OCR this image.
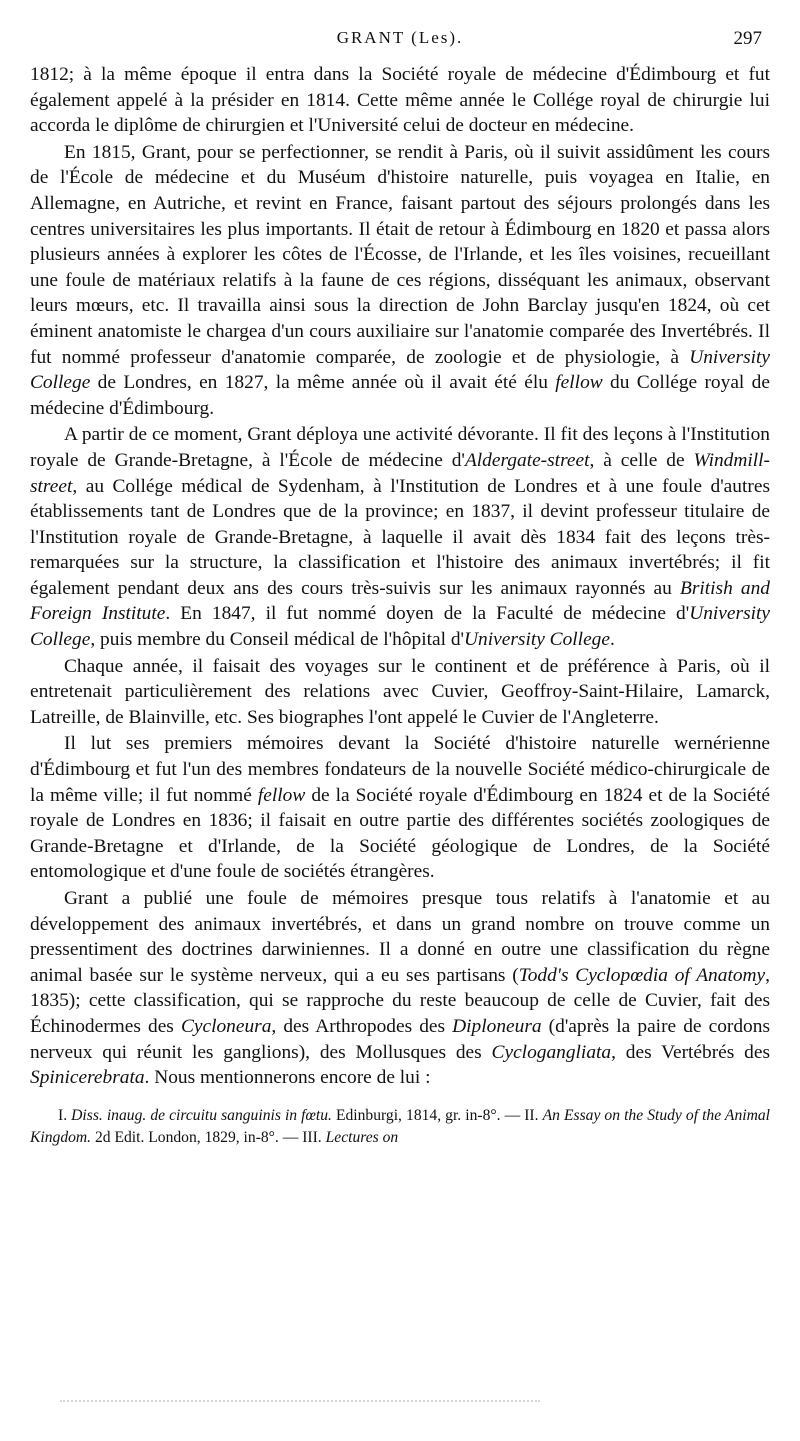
GRANT (Les).	297

1812; à la même époque il entra dans la Société royale de médecine d'Édimbourg et fut également appelé à la présider en 1814. Cette même année le Collége royal de chirurgie lui accorda le diplôme de chirurgien et l'Université celui de docteur en médecine.

En 1815, Grant, pour se perfectionner, se rendit à Paris, où il suivit assidûment les cours de l'École de médecine et du Muséum d'histoire naturelle, puis voyagea en Italie, en Allemagne, en Autriche, et revint en France, faisant partout des séjours prolongés dans les centres universitaires les plus importants. Il était de retour à Édimbourg en 1820 et passa alors plusieurs années à explorer les côtes de l'Écosse, de l'Irlande, et les îles voisines, recueillant une foule de matériaux relatifs à la faune de ces régions, disséquant les animaux, observant leurs mœurs, etc. Il travailla ainsi sous la direction de John Barclay jusqu'en 1824, où cet éminent anatomiste le chargea d'un cours auxiliaire sur l'anatomie comparée des Invertébrés. Il fut nommé professeur d'anatomie comparée, de zoologie et de physiologie, à University College de Londres, en 1827, la même année où il avait été élu fellow du Collége royal de médecine d'Édimbourg.

A partir de ce moment, Grant déploya une activité dévorante. Il fit des leçons à l'Institution royale de Grande-Bretagne, à l'École de médecine d'Aldergate-street, à celle de Windmill-street, au Collége médical de Sydenham, à l'Institution de Londres et à une foule d'autres établissements tant de Londres que de la province; en 1837, il devint professeur titulaire de l'Institution royale de Grande-Bretagne, à laquelle il avait dès 1834 fait des leçons très-remarquées sur la structure, la classification et l'histoire des animaux invertébrés; il fit également pendant deux ans des cours très-suivis sur les animaux rayonnés au British and Foreign Institute. En 1847, il fut nommé doyen de la Faculté de médecine d'University College, puis membre du Conseil médical de l'hôpital d'University College.

Chaque année, il faisait des voyages sur le continent et de préférence à Paris, où il entretenait particulièrement des relations avec Cuvier, Geoffroy-Saint-Hilaire, Lamarck, Latreille, de Blainville, etc. Ses biographes l'ont appelé le Cuvier de l'Angleterre.

Il lut ses premiers mémoires devant la Société d'histoire naturelle wernérienne d'Édimbourg et fut l'un des membres fondateurs de la nouvelle Société médico-chirurgicale de la même ville; il fut nommé fellow de la Société royale d'Édimbourg en 1824 et de la Société royale de Londres en 1836; il faisait en outre partie des différentes sociétés zoologiques de Grande-Bretagne et d'Irlande, de la Société géologique de Londres, de la Société entomologique et d'une foule de sociétés étrangères.

Grant a publié une foule de mémoires presque tous relatifs à l'anatomie et au développement des animaux invertébrés, et dans un grand nombre on trouve comme un pressentiment des doctrines darwiniennes. Il a donné en outre une classification du règne animal basée sur le système nerveux, qui a eu ses partisans (Todd's Cyclopœdia of Anatomy, 1835); cette classification, qui se rapproche du reste beaucoup de celle de Cuvier, fait des Échinodermes des Cycloneura, des Arthropodes des Diploneura (d'après la paire de cordons nerveux qui réunit les ganglions), des Mollusques des Cyclogangliata, des Vertébrés des Spinicerebrata. Nous mentionnerons encore de lui :

I. Diss. inaug. de circuitu sanguinis in fœtu. Edinburgi, 1814, gr. in-8°. — II. An Essay on the Study of the Animal Kingdom. 2d Edit. London, 1829, in-8°. — III. Lectures on
